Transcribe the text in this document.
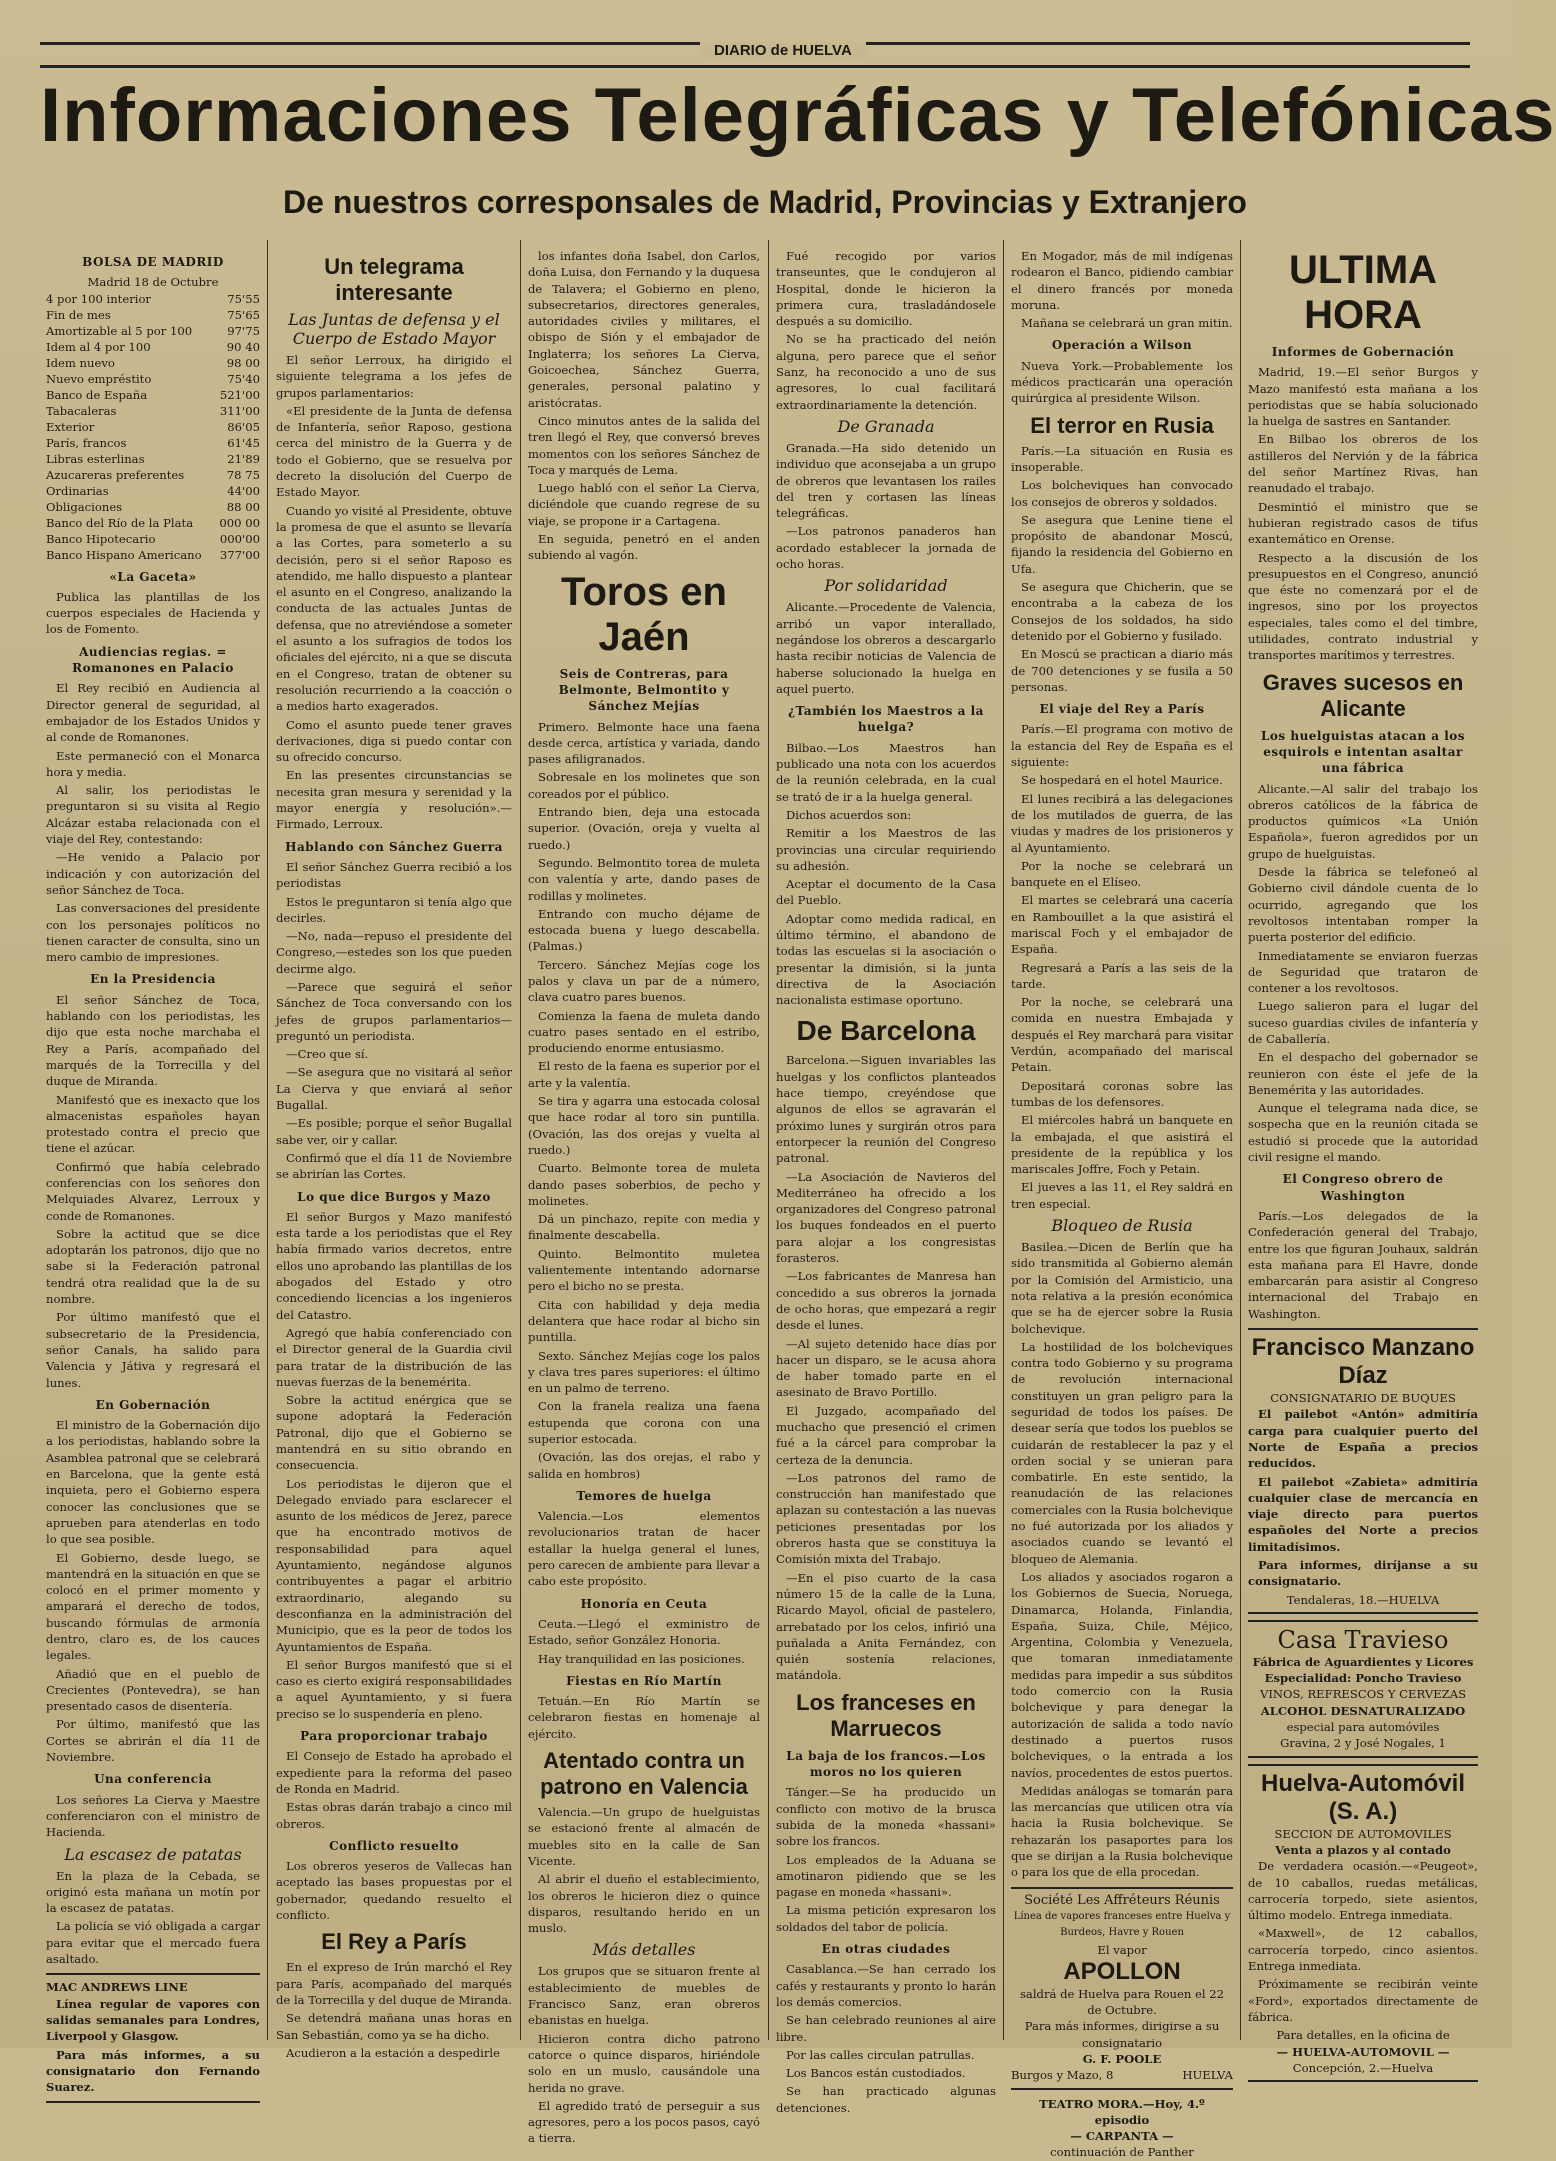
DIARIO de HUELVA
Informaciones Telegráficas y Telefónicas
De nuestros corresponsales de Madrid, Provincias y Extranjero
BOLSA DE MADRID
Madrid 18 de Octubre
4 por 100 interior	75'55
Fin de mes	75'65
Amortizable al 5 por 100	97'75
Idem al 4 por 100	90 40
Idem nuevo	98 00
Nuevo empréstito	75'40
Banco de España	521'00
Tabacaleras	311'00
Exterior	86'05
París, francos	61'45
Libras esterlinas	21'89
Azucareras preferentes	78 75
Ordinarias	44'00
Obligaciones	88 00
Banco del Río de la Plata	000 00
Banco Hipotecario	000'00
Banco Hispano Americano	377'00
«La Gaceta»

Publica las plantillas de los cuerpos especiales de Hacienda y los de Fomento.

Audiencias regias. = Romanones en Palacio

El Rey recibió en Audiencia al Director general de seguridad, al embajador de los Estados Unidos y al conde de Romanones.

Este permaneció con el Monarca hora y media.

Al salir, los periodistas le preguntaron si su visita al Regio Alcázar estaba relacionada con el viaje del Rey, contestando:

—He venido a Palacio por indicación y con autorización del señor Sánchez de Toca.

Las conversaciones del presidente con los personajes políticos no tienen caracter de consulta, sino un mero cambio de impresiones.

En la Presidencia

El señor Sánchez de Toca, hablando con los periodistas, les dijo que esta noche marchaba el Rey a París, acompañado del marqués de la Torrecilla y del duque de Miranda.

Manifestó que es inexacto que los almacenistas españoles hayan protestado contra el precio que tiene el azúcar.

Confirmó que había celebrado conferencias con los señores don Melquiades Alvarez, Lerroux y conde de Romanones.

Sobre la actitud que se dice adoptarán los patronos, dijo que no sabe si la Federación patronal tendrá otra realidad que la de su nombre.

Por último manifestó que el subsecretario de la Presidencia, señor Canals, ha salido para Valencia y Játiva y regresará el lunes.

En Gobernación

El ministro de la Gobernación dijo a los periodistas, hablando sobre la Asamblea patronal que se celebrará en Barcelona, que la gente está inquieta, pero el Gobierno espera conocer las conclusiones que se aprueben para atenderlas en todo lo que sea posible.

El Gobierno, desde luego, se mantendrá en la situación en que se colocó en el primer momento y amparará el derecho de todos, buscando fórmulas de armonía dentro, claro es, de los cauces legales.

Añadió que en el pueblo de Crecientes (Pontevedra), se han presentado casos de disentería.

Por último, manifestó que las Cortes se abrirán el día 11 de Noviembre.

Una conferencia

Los señores La Cierva y Maestre conferenciaron con el ministro de Hacienda.

La escasez de patatas

En la plaza de la Cebada, se originó esta mañana un motín por la escasez de patatas.

La policía se vió obligada a cargar para evitar que el mercado fuera asaltado.

MAC ANDREWS LINE

Línea regular de vapores con salidas semanales para Londres, Liverpool y Glasgow.

Para más informes, a su consignatario don Fernando Suarez.

Un telegrama interesante
Las Juntas de defensa y el Cuerpo de Estado Mayor

El señor Lerroux, ha dirigido el siguiente telegrama a los jefes de grupos parlamentarios:

«El presidente de la Junta de defensa de Infantería, señor Raposo, gestiona cerca del ministro de la Guerra y de todo el Gobierno, que se resuelva por decreto la disolución del Cuerpo de Estado Mayor.

Cuando yo visité al Presidente, obtuve la promesa de que el asunto se llevaría a las Cortes, para someterlo a su decisión, pero si el señor Raposo es atendido, me hallo dispuesto a plantear el asunto en el Congreso, analizando la conducta de las actuales Juntas de defensa, que no atreviéndose a someter el asunto a los sufragios de todos los oficiales del ejército, ni a que se discuta en el Congreso, tratan de obtener su resolución recurriendo a la coacción o a medios harto exagerados.

Como el asunto puede tener graves derivaciones, diga si puedo contar con su ofrecido concurso.

En las presentes circunstancias se necesita gran mesura y serenidad y la mayor energía y resolución».—Firmado, Lerroux.

Hablando con Sánchez Guerra

El señor Sánchez Guerra recibió a los periodistas

Estos le preguntaron si tenía algo que decirles.

—No, nada—repuso el presidente del Congreso,—estedes son los que pueden decirme algo.

—Parece que seguirá el señor Sánchez de Toca conversando con los jefes de grupos parlamentarios—preguntó un periodista.

—Creo que sí.

—Se asegura que no visitará al señor La Cierva y que enviará al señor Bugallal.

—Es posible; porque el señor Bugallal sabe ver, oir y callar.

Confirmó que el día 11 de Noviembre se abrirían las Cortes.

Lo que dice Burgos y Mazo

El señor Burgos y Mazo manifestó esta tarde a los periodistas que el Rey había firmado varios decretos, entre ellos uno aprobando las plantillas de los abogados del Estado y otro concediendo licencias a los ingenieros del Catastro.

Agregó que había conferenciado con el Director general de la Guardia civil para tratar de la distribución de las nuevas fuerzas de la benemérita.

Sobre la actitud enérgica que se supone adoptará la Federación Patronal, dijo que el Gobierno se mantendrá en su sitio obrando en consecuencia.

Los periodistas le dijeron que el Delegado enviado para esclarecer el asunto de los médicos de Jerez, parece que ha encontrado motivos de responsabilidad para aquel Ayuntamiento, negándose algunos contribuyentes a pagar el arbitrio extraordinario, alegando su desconfianza en la administración del Municipio, que es la peor de todos los Ayuntamientos de España.

El señor Burgos manifestó que si el caso es cierto exigirá responsabilidades a aquel Ayuntamiento, y si fuera preciso se lo suspendería en pleno.

Para proporcionar trabajo

El Consejo de Estado ha aprobado el expediente para la reforma del paseo de Ronda en Madrid.

Estas obras darán trabajo a cinco mil obreros.

Conflicto resuelto

Los obreros yeseros de Vallecas han aceptado las bases propuestas por el gobernador, quedando resuelto el conflicto.

El Rey a París

En el expreso de Irún marchó el Rey para París, acompañado del marqués de la Torrecilla y del duque de Miranda.

Se detendrá mañana unas horas en San Sebastián, como ya se ha dicho.

Acudieron a la estación a despedirle

los infantes doña Isabel, don Carlos, doña Luisa, don Fernando y la duquesa de Talavera; el Gobierno en pleno, subsecretarios, directores generales, autoridades civiles y militares, el obispo de Sión y el embajador de Inglaterra; los señores La Cierva, Goicoechea, Sánchez Guerra, generales, personal palatino y aristócratas.

Cinco minutos antes de la salida del tren llegó el Rey, que conversó breves momentos con los señores Sánchez de Toca y marqués de Lema.

Luego habló con el señor La Cierva, diciéndole que cuando regrese de su viaje, se propone ir a Cartagena.

En seguida, penetró en el anden subiendo al vagón.

Toros en Jaén
Seis de Contreras, para Belmonte, Belmontito y Sánchez Mejías

Primero. Belmonte hace una faena desde cerca, artística y variada, dando pases afiligranados.

Sobresale en los molinetes que son coreados por el público.

Entrando bien, deja una estocada superior. (Ovación, oreja y vuelta al ruedo.)

Segundo. Belmontito torea de muleta con valentía y arte, dando pases de rodillas y molinetes.

Entrando con mucho déjame de estocada buena y luego descabella. (Palmas.)

Tercero. Sánchez Mejías coge los palos y clava un par de a número, clava cuatro pares buenos.

Comienza la faena de muleta dando cuatro pases sentado en el estribo, produciendo enorme entusiasmo.

El resto de la faena es superior por el arte y la valentía.

Se tira y agarra una estocada colosal que hace rodar al toro sin puntilla. (Ovación, las dos orejas y vuelta al ruedo.)

Cuarto. Belmonte torea de muleta dando pases soberbios, de pecho y molinetes.

Dá un pinchazo, repite con media y finalmente descabella.

Quinto. Belmontito muletea valientemente intentando adornarse pero el bicho no se presta.

Cita con habilidad y deja media delantera que hace rodar al bicho sin puntilla.

Sexto. Sánchez Mejías coge los palos y clava tres pares superiores: el último en un palmo de terreno.

Con la franela realiza una faena estupenda que corona con una superior estocada.

(Ovación, las dos orejas, el rabo y salida en hombros)

Temores de huelga

Valencia.—Los elementos revolucionarios tratan de hacer estallar la huelga general el lunes, pero carecen de ambiente para llevar a cabo este propósito.

Honoría en Ceuta

Ceuta.—Llegó el exministro de Estado, señor González Honoria.

Hay tranquilidad en las posiciones.

Fiestas en Río Martín

Tetuán.—En Río Martín se celebraron fiestas en homenaje al ejército.

Atentado contra un patrono en Valencia

Valencia.—Un grupo de huelguistas se estacionó frente al almacén de muebles sito en la calle de San Vicente.

Al abrir el dueño el establecimiento, los obreros le hicieron diez o quince disparos, resultando herido en un muslo.

Más detalles

Los grupos que se situaron frente al establecimiento de muebles de Francisco Sanz, eran obreros ebanistas en huelga.

Hicieron contra dicho patrono catorce o quince disparos, hiriéndole solo en un muslo, causándole una herida no grave.

El agredido trató de perseguir a sus agresores, pero a los pocos pasos, cayó a tierra.

Fué recogido por varios transeuntes, que le condujeron al Hospital, donde le hicieron la primera cura, trasladándosele después a su domicilio.

No se ha practicado del neión alguna, pero parece que el señor Sanz, ha reconocido a uno de sus agresores, lo cual facilitará extraordinariamente la detención.

De Granada

Granada.—Ha sido detenido un individuo que aconsejaba a un grupo de obreros que levantasen los railes del tren y cortasen las líneas telegráficas.

—Los patronos panaderos han acordado establecer la jornada de ocho horas.

Por solidaridad

Alicante.—Procedente de Valencia, arribó un vapor interallado, negándose los obreros a descargarlo hasta recibir noticias de Valencia de haberse solucionado la huelga en aquel puerto.

¿También los Maestros a la huelga?

Bilbao.—Los Maestros han publicado una nota con los acuerdos de la reunión celebrada, en la cual se trató de ir a la huelga general.

Dichos acuerdos son:

Remitir a los Maestros de las provincias una circular requiriendo su adhesión.

Aceptar el documento de la Casa del Pueblo.

Adoptar como medida radical, en último término, el abandono de todas las escuelas si la asociación o presentar la dimisión, si la junta directiva de la Asociación nacionalista estimase oportuno.

De Barcelona

Barcelona.—Siguen invariables las huelgas y los conflictos planteados hace tiempo, creyéndose que algunos de ellos se agravarán el próximo lunes y surgirán otros para entorpecer la reunión del Congreso patronal.

—La Asociación de Navieros del Mediterráneo ha ofrecido a los organizadores del Congreso patronal los buques fondeados en el puerto para alojar a los congresistas forasteros.

—Los fabricantes de Manresa han concedido a sus obreros la jornada de ocho horas, que empezará a regir desde el lunes.

—Al sujeto detenido hace días por hacer un disparo, se le acusa ahora de haber tomado parte en el asesinato de Bravo Portillo.

El Juzgado, acompañado del muchacho que presenció el crimen fué a la cárcel para comprobar la certeza de la denuncia.

—Los patronos del ramo de construcción han manifestado que aplazan su contestación a las nuevas peticiones presentadas por los obreros hasta que se constituya la Comisión mixta del Trabajo.

—En el piso cuarto de la casa número 15 de la calle de la Luna, Ricardo Mayol, oficial de pastelero, arrebatado por los celos, infirió una puñalada a Anita Fernández, con quién sostenía relaciones, matándola.

Los franceses en Marruecos
La baja de los francos.—Los moros no los quieren

Tánger.—Se ha producido un conflicto con motivo de la brusca subida de la moneda «hassani» sobre los francos.

Los empleados de la Aduana se amotinaron pidiendo que se les pagase en moneda «hassani».

La misma petición expresaron los soldados del tabor de policía.

En otras ciudades

Casablanca.—Se han cerrado los cafés y restaurants y pronto lo harán los demás comercios.

Se han celebrado reuniones al aire libre.

Por las calles circulan patrullas.

Los Bancos están custodiados.

Se han practicado algunas detenciones.

En Mogador, más de mil indígenas rodearon el Banco, pidiendo cambiar el dinero francés por moneda moruna.

Mañana se celebrará un gran mitin.

Operación a Wilson

Nueva York.—Probablemente los médicos practicarán una operación quirúrgica al presidente Wilson.

El terror en Rusia

París.—La situación en Rusia es insoperable.

Los bolcheviques han convocado los consejos de obreros y soldados.

Se asegura que Lenine tiene el propósito de abandonar Moscú, fijando la residencia del Gobierno en Ufa.

Se asegura que Chicherin, que se encontraba a la cabeza de los Consejos de los soldados, ha sido detenido por el Gobierno y fusilado.

En Moscú se practican a diario más de 700 detenciones y se fusila a 50 personas.

El viaje del Rey a París

París.—El programa con motivo de la estancia del Rey de España es el siguiente:

Se hospedará en el hotel Maurice.

El lunes recibirá a las delegaciones de los mutilados de guerra, de las viudas y madres de los prisioneros y al Ayuntamiento.

Por la noche se celebrará un banquete en el Elíseo.

El martes se celebrará una cacería en Rambouillet a la que asistirá el mariscal Foch y el embajador de España.

Regresará a París a las seis de la tarde.

Por la noche, se celebrará una comida en nuestra Embajada y después el Rey marchará para visitar Verdún, acompañado del mariscal Petain.

Depositará coronas sobre las tumbas de los defensores.

El miércoles habrá un banquete en la embajada, el que asistirá el presidente de la república y los mariscales Joffre, Foch y Petain.

El jueves a las 11, el Rey saldrá en tren especial.

Bloqueo de Rusia

Basilea.—Dicen de Berlín que ha sido transmitida al Gobierno alemán por la Comisión del Armisticio, una nota relativa a la presión económica que se ha de ejercer sobre la Rusia bolchevique.

La hostilidad de los bolcheviques contra todo Gobierno y su programa de revolución internacional constituyen un gran peligro para la seguridad de todos los países. De desear sería que todos los pueblos se cuidarán de restablecer la paz y el orden social y se unieran para combatirle. En este sentido, la reanudación de las relaciones comerciales con la Rusia bolchevique no fué autorizada por los aliados y asociados cuando se levantó el bloqueo de Alemania.

Los aliados y asociados rogaron a los Gobiernos de Suecia, Noruega, Dinamarca, Holanda, Finlandia, España, Suiza, Chile, Méjico, Argentina, Colombia y Venezuela, que tomaran inmediatamente medidas para impedir a sus súbditos todo comercio con la Rusia bolchevique y para denegar la autorización de salida a todo navío destinado a puertos rusos bolcheviques, o la entrada a los navíos, procedentes de estos puertos.

Medidas análogas se tomarán para las mercancías que utilicen otra vía hacia la Rusia bolchevique. Se rehazarán los pasaportes para los que se dirijan a la Rusia bolchevique o para los que de ella procedan.

Société Les Affréteurs Réunis
Línea de vapores franceses entre Huelva y Burdeos, Havre y Rouen
El vapor
APOLLON
saldrá de Huelva para Rouen el 22 de Octubre.
Para más informes, dirigirse a su consignatario
G. F. POOLE
Burgos y Mazo, 8	HUELVA
TEATRO MORA.—Hoy, 4.º episodio
— CARPANTA —
continuación de Panther
ULTIMA HORA
Informes de Gobernación

Madrid, 19.—El señor Burgos y Mazo manifestó esta mañana a los periodistas que se había solucionado la huelga de sastres en Santander.

En Bilbao los obreros de los astilleros del Nervión y de la fábrica del señor Martínez Rivas, han reanudado el trabajo.

Desmintió el ministro que se hubieran registrado casos de tifus exantemático en Orense.

Respecto a la discusión de los presupuestos en el Congreso, anunció que éste no comenzará por el de ingresos, sino por los proyectos especiales, tales como el del timbre, utilidades, contrato industrial y transportes marítimos y terrestres.

Graves sucesos en Alicante
Los huelguistas atacan a los esquirols e intentan asaltar una fábrica

Alicante.—Al salir del trabajo los obreros católicos de la fábrica de productos químicos «La Unión Española», fueron agredidos por un grupo de huelguistas.

Desde la fábrica se telefoneó al Gobierno civil dándole cuenta de lo ocurrido, agregando que los revoltosos intentaban romper la puerta posterior del edificio.

Inmediatamente se enviaron fuerzas de Seguridad que trataron de contener a los revoltosos.

Luego salieron para el lugar del suceso guardias civiles de infantería y de Caballería.

En el despacho del gobernador se reunieron con éste el jefe de la Benemérita y las autoridades.

Aunque el telegrama nada dice, se sospecha que en la reunión citada se estudió si procede que la autoridad civil resigne el mando.

El Congreso obrero de Washington

París.—Los delegados de la Confederación general del Trabajo, entre los que figuran Jouhaux, saldrán esta mañana para El Havre, donde embarcarán para asistir al Congreso internacional del Trabajo en Washington.

Francisco Manzano Díaz
CONSIGNATARIO DE BUQUES

El pailebot «Antón» admitiría carga para cualquier puerto del Norte de España a precios reducidos.

El pailebot «Zabieta» admitiría cualquier clase de mercancía en viaje directo para puertos españoles del Norte a precios limitadísimos.

Para informes, diríjanse a su consignatario.

Tendaleras, 18.—HUELVA
Casa Travieso
Fábrica de Aguardientes y Licores
Especialidad: Poncho Travieso
VINOS, REFRESCOS Y CERVEZAS
ALCOHOL DESNATURALIZADO
especial para automóviles
Gravina, 2 y José Nogales, 1
Huelva-Automóvil (S. A.)
SECCION DE AUTOMOVILES
Venta a plazos y al contado

De verdadera ocasión.—«Peugeot», de 10 caballos, ruedas metálicas, carrocería torpedo, siete asientos, último modelo. Entrega inmediata.

«Maxwell», de 12 caballos, carrocería torpedo, cinco asientos. Entrega inmediata.

Próximamente se recibirán veinte «Ford», exportados directamente de fábrica.

Para detalles, en la oficina de
— HUELVA-AUTOMOVIL —
Concepción, 2.—Huelva
